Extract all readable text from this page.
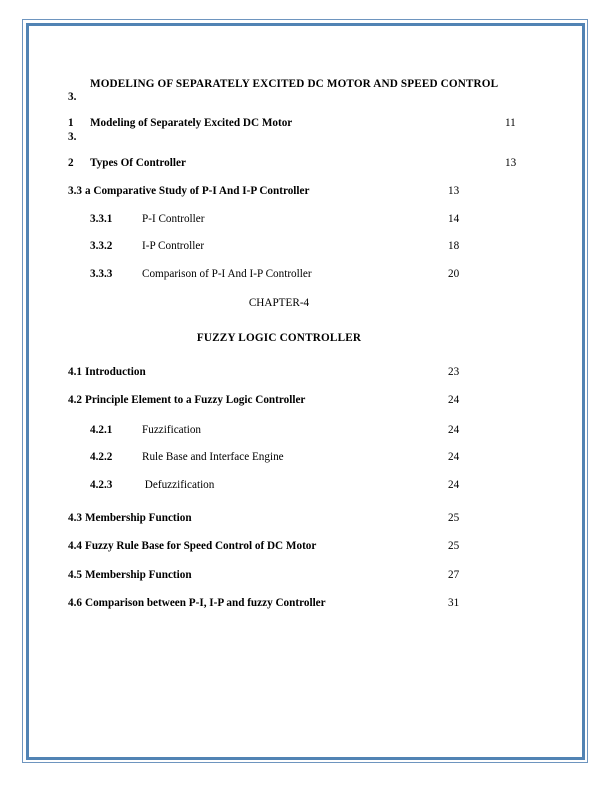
MODELING OF SEPARATELY EXCITED DC MOTOR AND SPEED CONTROL
3.
1 Modeling of Separately Excited DC Motor	11
3.
2 Types Of Controller	13
3.3 a Comparative Study of P-I And I-P Controller	13
3.3.1	P-I Controller	14
3.3.2	I-P Controller	18
3.3.3	Comparison of P-I And I-P Controller	20
CHAPTER-4
FUZZY LOGIC CONTROLLER
4.1 Introduction	23
4.2 Principle Element to a Fuzzy Logic Controller	24
4.2.1	Fuzzification	24
4.2.2	Rule Base and Interface Engine	24
4.2.3	Defuzzification	24
4.3 Membership Function	25
4.4 Fuzzy Rule Base for Speed Control of DC Motor	25
4.5 Membership Function	27
4.6 Comparison between P-I, I-P and fuzzy Controller	31
